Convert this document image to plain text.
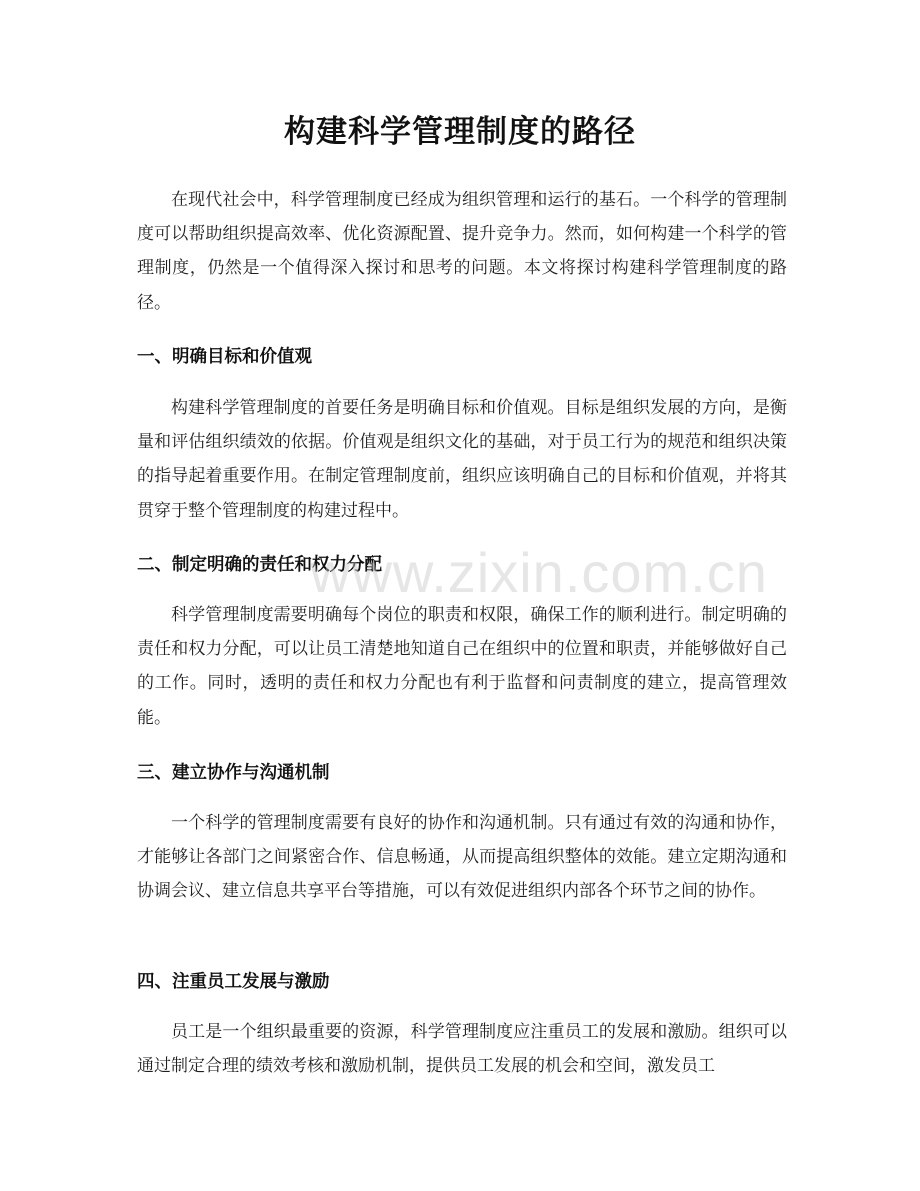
构建科学管理制度的路径

在现代社会中，科学管理制度已经成为组织管理和运行的基石。一个科学的管理制度可以帮助组织提高效率、优化资源配置、提升竞争力。然而，如何构建一个科学的管理制度，仍然是一个值得深入探讨和思考的问题。本文将探讨构建科学管理制度的路径。

一、明确目标和价值观

构建科学管理制度的首要任务是明确目标和价值观。目标是组织发展的方向，是衡量和评估组织绩效的依据。价值观是组织文化的基础，对于员工行为的规范和组织决策的指导起着重要作用。在制定管理制度前，组织应该明确自己的目标和价值观，并将其贯穿于整个管理制度的构建过程中。

二、制定明确的责任和权力分配

科学管理制度需要明确每个岗位的职责和权限，确保工作的顺利进行。制定明确的责任和权力分配，可以让员工清楚地知道自己在组织中的位置和职责，并能够做好自己的工作。同时，透明的责任和权力分配也有利于监督和问责制度的建立，提高管理效能。

三、建立协作与沟通机制

一个科学的管理制度需要有良好的协作和沟通机制。只有通过有效的沟通和协作，才能够让各部门之间紧密合作、信息畅通，从而提高组织整体的效能。建立定期沟通和协调会议、建立信息共享平台等措施，可以有效促进组织内部各个环节之间的协作。

四、注重员工发展与激励

员工是一个组织最重要的资源，科学管理制度应注重员工的发展和激励。组织可以通过制定合理的绩效考核和激励机制，提供员工发展的机会和空间，激发员工

www.zixin.com.cn
